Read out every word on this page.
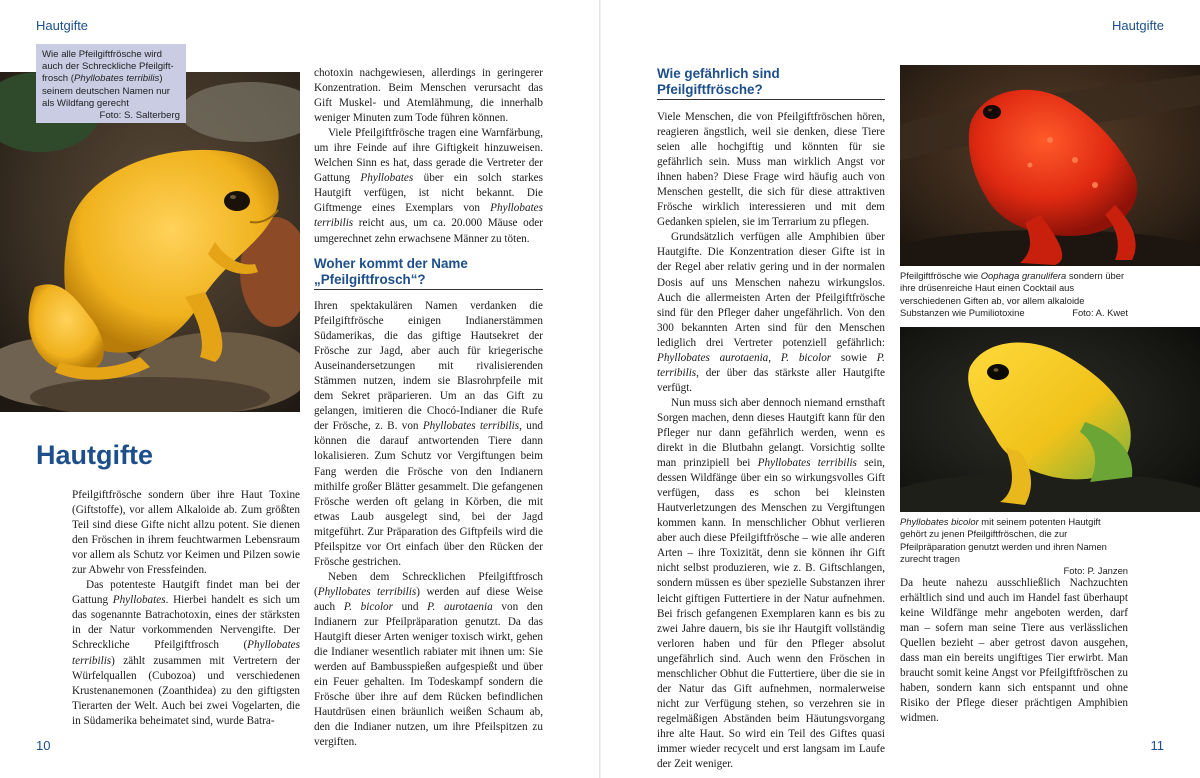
Hautgifte	Hautgifte
10	11
Wie alle Pfeilgiftfrösche wird auch der Schreckliche Pfeilgiftfrosch (Phyllobates terribilis) seinem deutschen Namen nur als Wildfang gerecht
Foto: S. Salterberg
Hautgifte

Pfeilgiftfrösche sondern über ihre Haut Toxine (Giftstoffe), vor allem Alkaloide ab. Zum größten Teil sind diese Gifte nicht allzu potent. Sie dienen den Fröschen in ihrem feuchtwarmen Lebensraum vor allem als Schutz vor Keimen und Pilzen sowie zur Abwehr von Fressfeinden.

Das potenteste Hautgift findet man bei der Gattung Phyllobates. Hierbei handelt es sich um das sogenannte Batrachotoxin, eines der stärksten in der Natur vorkommenden Nervengifte. Der Schreckliche Pfeilgiftfrosch (Phyllobates terribilis) zählt zusammen mit Vertretern der Würfelquallen (Cubozoa) und verschiedenen Krustenanemonen (Zoanthidea) zu den giftigsten Tierarten der Welt. Auch bei zwei Vogelarten, die in Südamerika beheimatet sind, wurde Batra-

chotoxin nachgewiesen, allerdings in geringerer Konzentration. Beim Menschen verursacht das Gift Muskel- und Atemlähmung, die innerhalb weniger Minuten zum Tode führen können.

Viele Pfeilgiftfrösche tragen eine Warnfärbung, um ihre Feinde auf ihre Giftigkeit hinzuweisen. Welchen Sinn es hat, dass gerade die Vertreter der Gattung Phyllobates über ein solch starkes Hautgift verfügen, ist nicht bekannt. Die Giftmenge eines Exemplars von Phyllobates terribilis reicht aus, um ca. 20.000 Mäuse oder umgerechnet zehn erwachsene Männer zu töten.

Woher kommt der Name „Pfeilgiftfrosch“?

Ihren spektakulären Namen verdanken die Pfeilgiftfrösche einigen Indianerstämmen Südamerikas, die das giftige Hautsekret der Frösche zur Jagd, aber auch für kriegerische Auseinandersetzungen mit rivalisierenden Stämmen nutzen, indem sie Blasrohrpfeile mit dem Sekret präparieren. Um an das Gift zu gelangen, imitieren die Chocó-Indianer die Rufe der Frösche, z. B. von Phyllobates terribilis, und können die darauf antwortenden Tiere dann lokalisieren. Zum Schutz vor Vergiftungen beim Fang werden die Frösche von den Indianern mithilfe großer Blätter gesammelt. Die gefangenen Frösche werden oft gelang in Körben, die mit etwas Laub ausgelegt sind, bei der Jagd mitgeführt. Zur Präparation des Giftpfeils wird die Pfeilspitze vor Ort einfach über den Rücken der Frösche gestrichen.

Neben dem Schrecklichen Pfeilgiftfrosch (Phyllobates terribilis) werden auf diese Weise auch P. bicolor und P. aurotaenia von den Indianern zur Pfeilpräparation genutzt. Da das Hautgift dieser Arten weniger toxisch wirkt, gehen die Indianer wesentlich rabiater mit ihnen um: Sie werden auf Bambusspießen aufgespießt und über ein Feuer gehalten. Im Todeskampf sondern die Frösche über ihre auf dem Rücken befindlichen Hautdrüsen einen bräunlich weißen Schaum ab, den die Indianer nutzen, um ihre Pfeilspitzen zu vergiften.

Wie gefährlich sind Pfeilgiftfrösche?

Viele Menschen, die von Pfeilgiftfröschen hören, reagieren ängstlich, weil sie denken, diese Tiere seien alle hochgiftig und könnten für sie gefährlich sein. Muss man wirklich Angst vor ihnen haben? Diese Frage wird häufig auch von Menschen gestellt, die sich für diese attraktiven Frösche wirklich interessieren und mit dem Gedanken spielen, sie im Terrarium zu pflegen.

Grundsätzlich verfügen alle Amphibien über Hautgifte. Die Konzentration dieser Gifte ist in der Regel aber relativ gering und in der normalen Dosis auf uns Menschen nahezu wirkungslos. Auch die allermeisten Arten der Pfeilgiftfrösche sind für den Pfleger daher ungefährlich. Von den 300 bekannten Arten sind für den Menschen lediglich drei Vertreter potenziell gefährlich: Phyllobates aurotaenia, P. bicolor sowie P. terribilis, der über das stärkste aller Hautgifte verfügt.

Nun muss sich aber dennoch niemand ernsthaft Sorgen machen, denn dieses Hautgift kann für den Pfleger nur dann gefährlich werden, wenn es direkt in die Blutbahn gelangt. Vorsichtig sollte man prinzipiell bei Phyllobates terribilis sein, dessen Wildfänge über ein so wirkungsvolles Gift verfügen, dass es schon bei kleinsten Hautverletzungen des Menschen zu Vergiftungen kommen kann. In menschlicher Obhut verlieren aber auch diese Pfeilgiftfrösche – wie alle anderen Arten – ihre Toxizität, denn sie können ihr Gift nicht selbst produzieren, wie z. B. Giftschlangen, sondern müssen es über spezielle Substanzen ihrer leicht giftigen Futtertiere in der Natur aufnehmen. Bei frisch gefangenen Exemplaren kann es bis zu zwei Jahre dauern, bis sie ihr Hautgift vollständig verloren haben und für den Pfleger absolut ungefährlich sind. Auch wenn den Fröschen in menschlicher Obhut die Futtertiere, über die sie in der Natur das Gift aufnehmen, normalerweise nicht zur Verfügung stehen, so verzehren sie in regelmäßigen Abständen beim Häutungsvorgang ihre alte Haut. So wird ein Teil des Giftes quasi immer wieder recycelt und erst langsam im Laufe der Zeit weniger.

Pfeilgiftfrösche wie Oophaga granulifera sondern über ihre drüsenreiche Haut einen Cocktail aus verschiedenen Giften ab, vor allem alkaloide Substanzen wie Pumiliotoxine	Foto: A. Kwet
Phyllobates bicolor mit seinem potenten Hautgift gehört zu jenen Pfeilgiftfröschen, die zur Pfeilpräparation genutzt werden und ihren Namen zurecht tragen
Foto: P. Janzen

Da heute nahezu ausschließlich Nachzuchten erhältlich sind und auch im Handel fast überhaupt keine Wildfänge mehr angeboten werden, darf man – sofern man seine Tiere aus verlässlichen Quellen bezieht – aber getrost davon ausgehen, dass man ein bereits ungiftiges Tier erwirbt. Man braucht somit keine Angst vor Pfeilgiftfröschen zu haben, sondern kann sich entspannt und ohne Risiko der Pflege dieser prächtigen Amphibien widmen.
